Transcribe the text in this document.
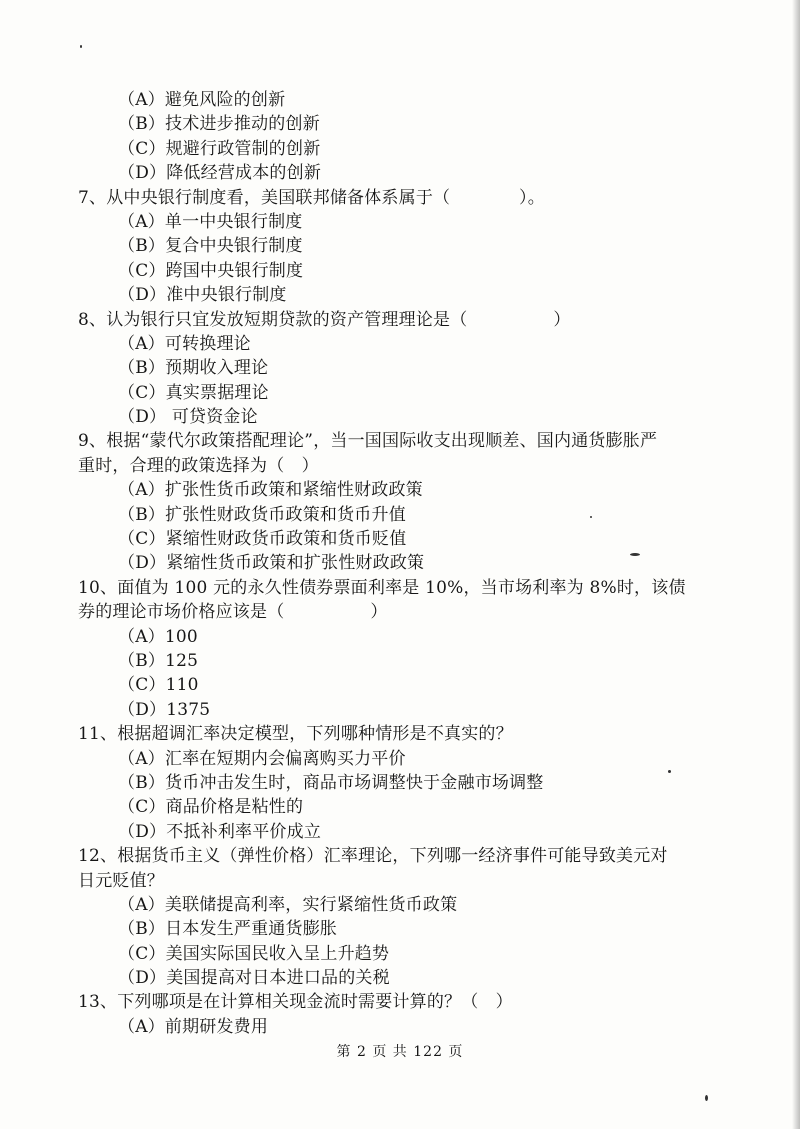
（A）避免风险的创新
（B）技术进步推动的创新
（C）规避行政管制的创新
（D）降低经营成本的创新
7、从中央银行制度看，美国联邦储备体系属于（　　　　）。
（A）单一中央银行制度
（B）复合中央银行制度
（C）跨国中央银行制度
（D）准中央银行制度
8、认为银行只宜发放短期贷款的资产管理理论是（　　　　　）
（A）可转换理论
（B）预期收入理论
（C）真实票据理论
（D） 可贷资金论
9、根据“蒙代尔政策搭配理论”，当一国国际收支出现顺差、国内通货膨胀严
重时，合理的政策选择为（　）
（A）扩张性货币政策和紧缩性财政政策
（B）扩张性财政货币政策和货币升值
（C）紧缩性财政货币政策和货币贬值
（D）紧缩性货币政策和扩张性财政政策
10、面值为 100 元的永久性债券票面利率是 10%，当市场利率为 8%时，该债
券的理论市场价格应该是（　　　　　）
（A）100
（B）125
（C）110
（D）1375
11、根据超调汇率决定模型，下列哪种情形是不真实的？
（A）汇率在短期内会偏离购买力平价
（B）货币冲击发生时，商品市场调整快于金融市场调整
（C）商品价格是粘性的
（D）不抵补利率平价成立
12、根据货币主义（弹性价格）汇率理论，下列哪一经济事件可能导致美元对
日元贬值？
（A）美联储提高利率，实行紧缩性货币政策
（B）日本发生严重通货膨胀
（C）美国实际国民收入呈上升趋势
（D）美国提高对日本进口品的关税
13、下列哪项是在计算相关现金流时需要计算的？（　）
（A）前期研发费用
第 2 页 共 122 页
